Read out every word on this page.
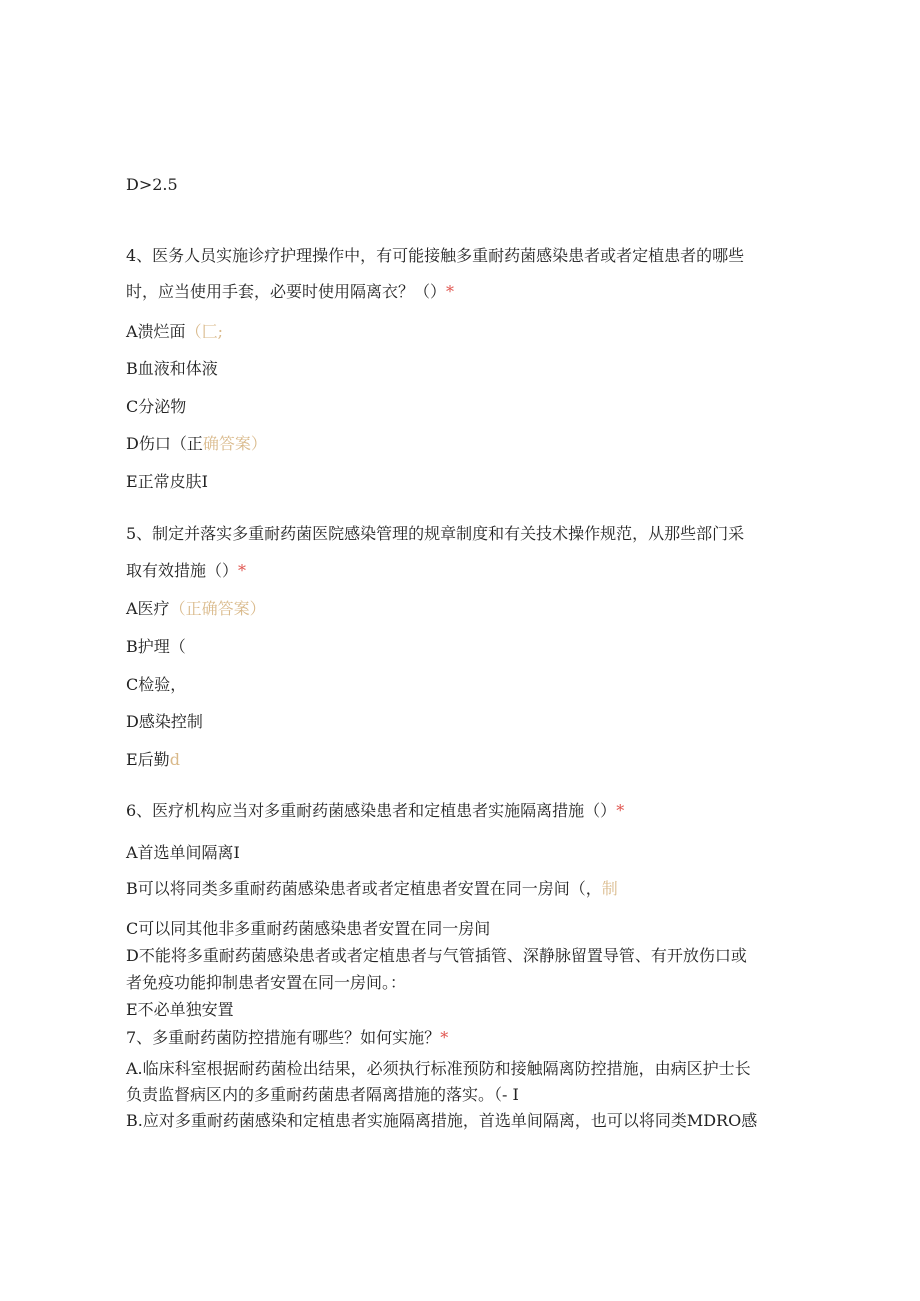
D>2.5
4、医务人员实施诊疗护理操作中，有可能接触多重耐药菌感染患者或者定植患者的哪些
时，应当使用手套，必要时使用隔离衣？（）*
A溃烂面（匚;
B血液和体液
C分泌物
D伤口（正确答案）
E正常皮肤I
5、制定并落实多重耐药菌医院感染管理的规章制度和有关技术操作规范，从那些部门采
取有效措施（）*
A医疗（正确答案）
B护理（
C检验，
D感染控制
E后勤d
6、医疗机构应当对多重耐药菌感染患者和定植患者实施隔离措施（）*
A首选单间隔离I
B可以将同类多重耐药菌感染患者或者定植患者安置在同一房间（，制
C可以同其他非多重耐药菌感染患者安置在同一房间
D不能将多重耐药菌感染患者或者定植患者与气管插管、深静脉留置导管、有开放伤口或
者免疫功能抑制患者安置在同一房间。：
E不必单独安置
7、多重耐药菌防控措施有哪些？如何实施？*
A.临床科室根据耐药菌检出结果，必须执行标准预防和接触隔离防控措施，由病区护士长
负责监督病区内的多重耐药菌患者隔离措施的落实。（- I
B.应对多重耐药菌感染和定植患者实施隔离措施，首选单间隔离，也可以将同类MDRO感
